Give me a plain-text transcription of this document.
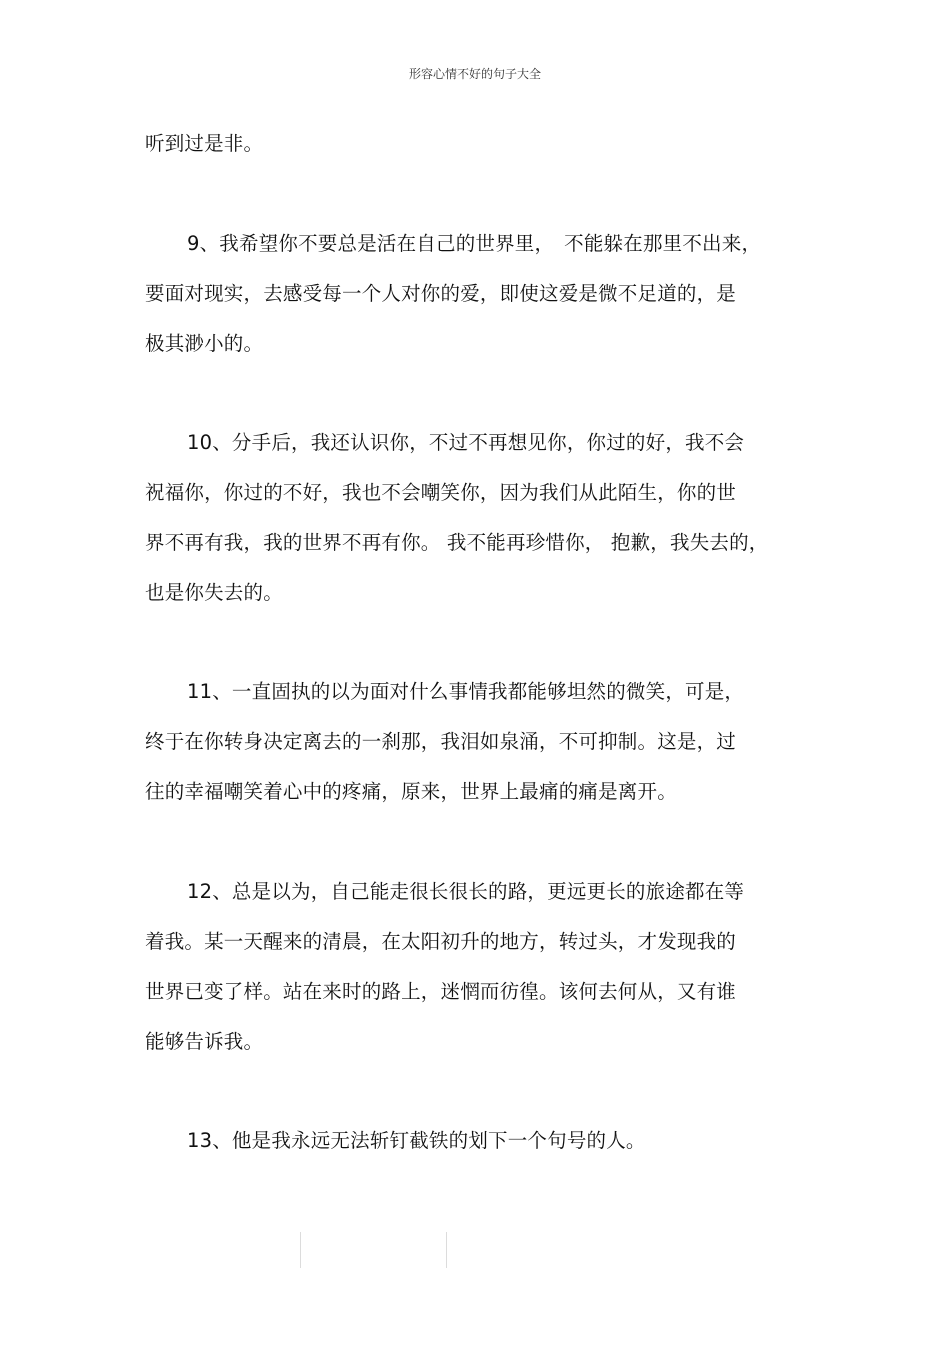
形容心情不好的句子大全
听到过是非。
9、我希望你不要总是活在自己的世界里，　不能躲在那里不出来，
要面对现实，去感受每一个人对你的爱，即使这爱是微不足道的，是
极其渺小的。
10、分手后，我还认识你，不过不再想见你，你过的好，我不会
祝福你，你过的不好，我也不会嘲笑你，因为我们从此陌生，你的世
界不再有我，我的世界不再有你。 我不能再珍惜你， 抱歉，我失去的，
也是你失去的。
11、一直固执的以为面对什么事情我都能够坦然的微笑，可是，
终于在你转身决定离去的一刹那，我泪如泉涌，不可抑制。这是，过
往的幸福嘲笑着心中的疼痛，原来，世界上最痛的痛是离开。
12、总是以为，自己能走很长很长的路，更远更长的旅途都在等
着我。某一天醒来的清晨，在太阳初升的地方，转过头，才发现我的
世界已变了样。站在来时的路上，迷惘而彷徨。该何去何从，又有谁
能够告诉我。
13、他是我永远无法斩钉截铁的划下一个句号的人。
